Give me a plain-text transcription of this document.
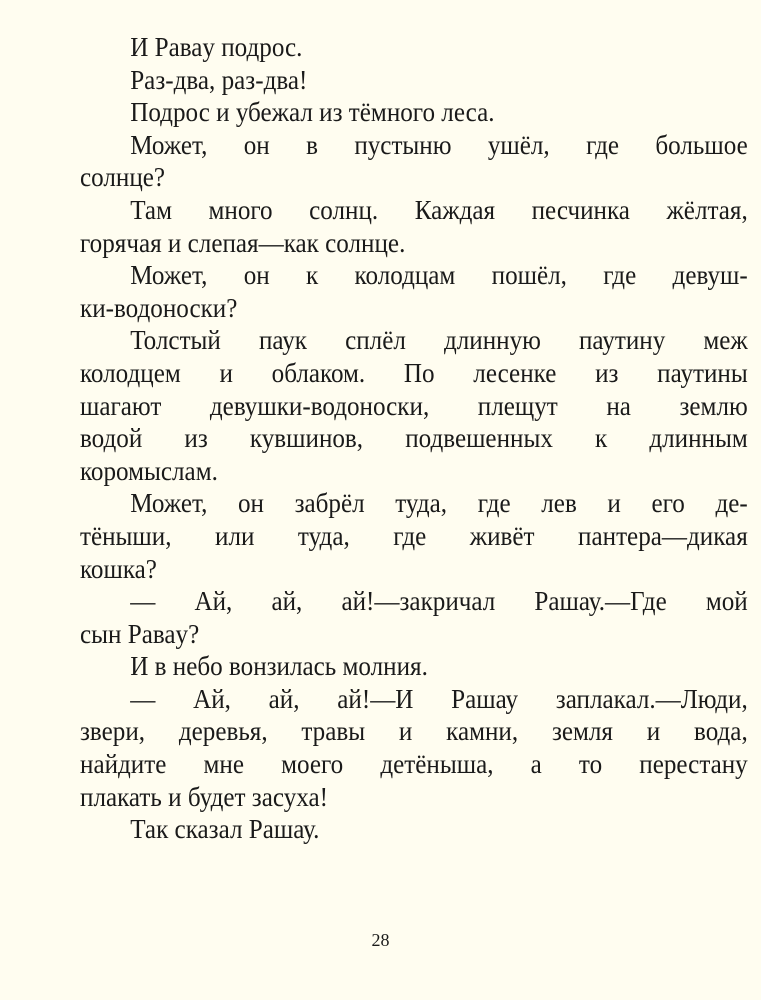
И Раваy подрос.
Раз-два, раз-два!
Подрос и убежал из тёмного леса.
Может, он в пустыню ушёл, где большое
солнце?
Там много солнц. Каждая песчинка жёлтая,
горячая и слепая—как солнце.
Может, он к колодцам пошёл, где девуш-
ки-водоноски?
Толстый паук сплёл длинную паутину меж
колодцем и облаком. По лесенке из паутины
шагают девушки-водоноски, плещут на землю
водой из кувшинов, подвешенных к длинным
коромыслам.
Может, он забрёл туда, где лев и его де-
тёныши, или туда, где живёт пантера—дикая
кошка?
— Ай, ай, ай!—закричал Рашау.—Где мой
сын Раваy?
И в небо вонзилась молния.
— Ай, ай, ай!—И Рашау заплакал.—Люди,
звери, деревья, травы и камни, земля и вода,
найдите мне моего детёныша, а то перестану
плакать и будет засуха!
Так сказал Рашау.
28
